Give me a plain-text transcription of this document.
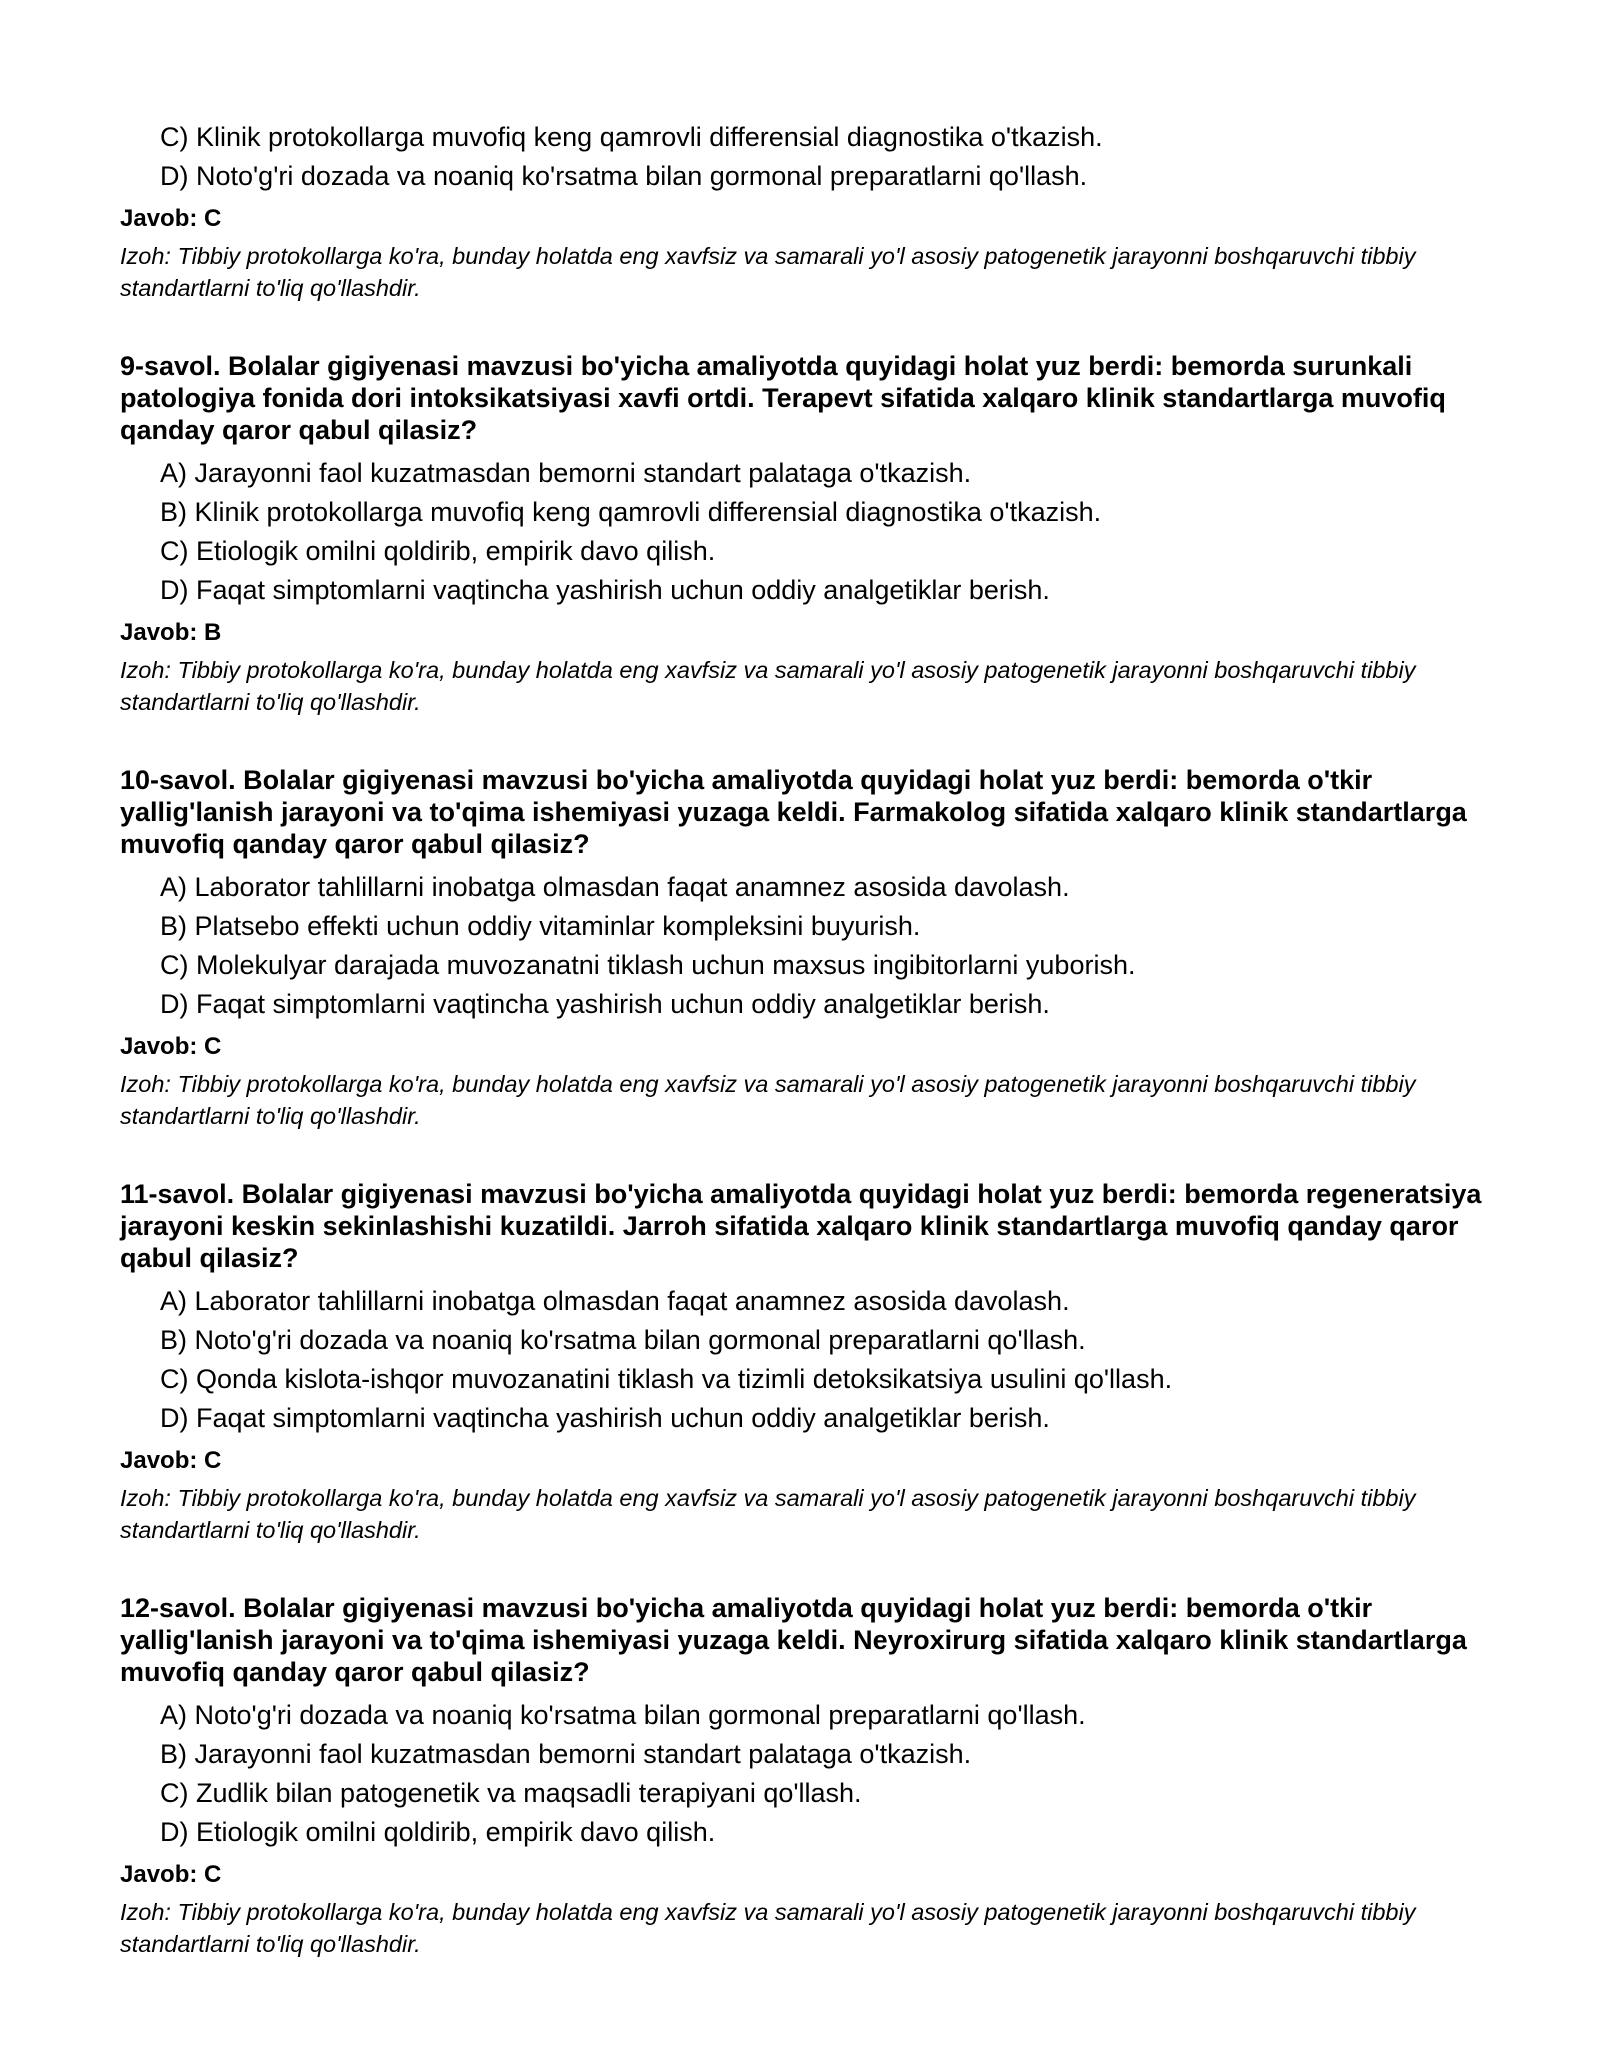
C) Klinik protokollarga muvofiq keng qamrovli differensial diagnostika o'tkazish.
D) Noto'g'ri dozada va noaniq ko'rsatma bilan gormonal preparatlarni qo'llash.
Javob: C
Izoh: Tibbiy protokollarga ko'ra, bunday holatda eng xavfsiz va samarali yo'l asosiy patogenetik jarayonni boshqaruvchi tibbiy standartlarni to'liq qo'llashdir.
9-savol. Bolalar gigiyenasi mavzusi bo'yicha amaliyotda quyidagi holat yuz berdi: bemorda surunkali patologiya fonida dori intoksikatsiyasi xavfi ortdi. Terapevt sifatida xalqaro klinik standartlarga muvofiq qanday qaror qabul qilasiz?
A) Jarayonni faol kuzatmasdan bemorni standart palataga o'tkazish.
B) Klinik protokollarga muvofiq keng qamrovli differensial diagnostika o'tkazish.
C) Etiologik omilni qoldirib, empirik davo qilish.
D) Faqat simptomlarni vaqtincha yashirish uchun oddiy analgetiklar berish.
Javob: B
Izoh: Tibbiy protokollarga ko'ra, bunday holatda eng xavfsiz va samarali yo'l asosiy patogenetik jarayonni boshqaruvchi tibbiy standartlarni to'liq qo'llashdir.
10-savol. Bolalar gigiyenasi mavzusi bo'yicha amaliyotda quyidagi holat yuz berdi: bemorda o'tkir yallig'lanish jarayoni va to'qima ishemiyasi yuzaga keldi. Farmakolog sifatida xalqaro klinik standartlarga muvofiq qanday qaror qabul qilasiz?
A) Laborator tahlillarni inobatga olmasdan faqat anamnez asosida davolash.
B) Platsebo effekti uchun oddiy vitaminlar kompleksini buyurish.
C) Molekulyar darajada muvozanatni tiklash uchun maxsus ingibitorlarni yuborish.
D) Faqat simptomlarni vaqtincha yashirish uchun oddiy analgetiklar berish.
Javob: C
Izoh: Tibbiy protokollarga ko'ra, bunday holatda eng xavfsiz va samarali yo'l asosiy patogenetik jarayonni boshqaruvchi tibbiy standartlarni to'liq qo'llashdir.
11-savol. Bolalar gigiyenasi mavzusi bo'yicha amaliyotda quyidagi holat yuz berdi: bemorda regeneratsiya jarayoni keskin sekinlashishi kuzatildi. Jarroh sifatida xalqaro klinik standartlarga muvofiq qanday qaror qabul qilasiz?
A) Laborator tahlillarni inobatga olmasdan faqat anamnez asosida davolash.
B) Noto'g'ri dozada va noaniq ko'rsatma bilan gormonal preparatlarni qo'llash.
C) Qonda kislota-ishqor muvozanatini tiklash va tizimli detoksikatsiya usulini qo'llash.
D) Faqat simptomlarni vaqtincha yashirish uchun oddiy analgetiklar berish.
Javob: C
Izoh: Tibbiy protokollarga ko'ra, bunday holatda eng xavfsiz va samarali yo'l asosiy patogenetik jarayonni boshqaruvchi tibbiy standartlarni to'liq qo'llashdir.
12-savol. Bolalar gigiyenasi mavzusi bo'yicha amaliyotda quyidagi holat yuz berdi: bemorda o'tkir yallig'lanish jarayoni va to'qima ishemiyasi yuzaga keldi. Neyroxirurg sifatida xalqaro klinik standartlarga muvofiq qanday qaror qabul qilasiz?
A) Noto'g'ri dozada va noaniq ko'rsatma bilan gormonal preparatlarni qo'llash.
B) Jarayonni faol kuzatmasdan bemorni standart palataga o'tkazish.
C) Zudlik bilan patogenetik va maqsadli terapiyani qo'llash.
D) Etiologik omilni qoldirib, empirik davo qilish.
Javob: C
Izoh: Tibbiy protokollarga ko'ra, bunday holatda eng xavfsiz va samarali yo'l asosiy patogenetik jarayonni boshqaruvchi tibbiy standartlarni to'liq qo'llashdir.
